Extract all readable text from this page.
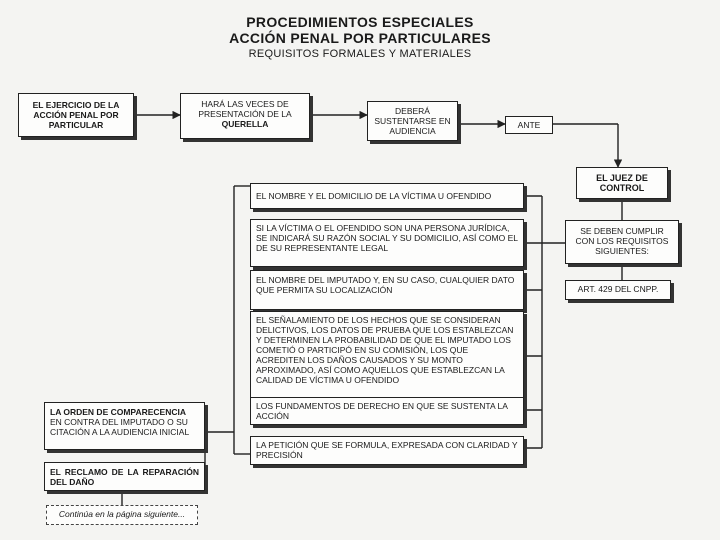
PROCEDIMIENTOS ESPECIALES
ACCIÓN PENAL POR PARTICULARES
REQUISITOS FORMALES Y MATERIALES
EL EJERCICIO DE LA ACCIÓN PENAL POR PARTICULAR
HARÁ LAS VECES DE PRESENTACIÓN DE LA
QUERELLA
DEBERÁ SUSTENTARSE EN AUDIENCIA
ANTE
EL JUEZ DE CONTROL
SE DEBEN CUMPLIR CON LOS REQUISITOS SIGUIENTES:
ART. 429 DEL CNPP.
EL NOMBRE Y EL DOMICILIO DE LA VÍCTIMA U OFENDIDO
SI LA VÍCTIMA O EL OFENDIDO SON UNA PERSONA JURÍDICA, SE INDICARÁ SU RAZÓN SOCIAL Y SU DOMICILIO, ASÍ COMO EL DE SU REPRESENTANTE LEGAL
EL NOMBRE DEL IMPUTADO Y, EN SU CASO, CUALQUIER DATO QUE PERMITA SU LOCALIZACIÓN
EL SEÑALAMIENTO DE LOS HECHOS QUE SE CONSIDERAN DELICTIVOS, LOS DATOS DE PRUEBA QUE LOS ESTABLEZCAN Y DETERMINEN LA PROBABILIDAD DE QUE EL IMPUTADO LOS COMETIÓ O PARTICIPÓ EN SU COMISIÓN, LOS QUE ACREDITEN LOS DAÑOS CAUSADOS Y SU MONTO APROXIMADO, ASÍ COMO AQUELLOS QUE ESTABLEZCAN LA CALIDAD DE VÍCTIMA U OFENDIDO
LOS FUNDAMENTOS DE DERECHO EN QUE SE SUSTENTA LA ACCIÓN
LA PETICIÓN QUE SE FORMULA, EXPRESADA CON CLARIDAD Y PRECISIÓN
LA ORDEN DE COMPARECENCIA EN CONTRA DEL IMPUTADO O SU CITACIÓN A LA AUDIENCIA INICIAL
EL RECLAMO DE LA REPARACIÓN DEL DAÑO
Continúa en la página siguiente...
